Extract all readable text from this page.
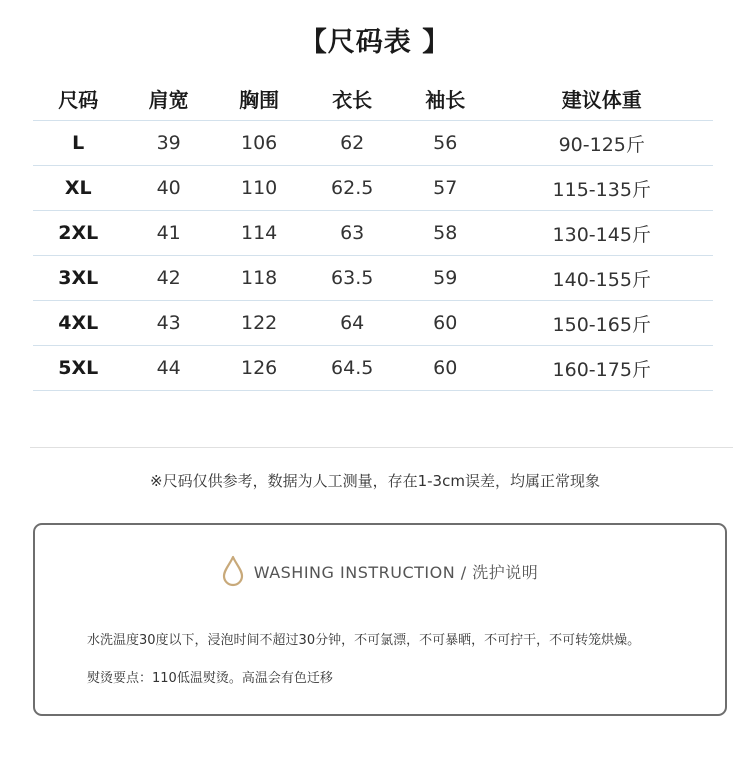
【尺码表 】
尺码	肩宽	胸围	衣长	袖长	建议体重
L	39	106	62	56	90-125斤
XL	40	110	62.5	57	115-135斤
2XL	41	114	63	58	130-145斤
3XL	42	118	63.5	59	140-155斤
4XL	43	122	64	60	150-165斤
5XL	44	126	64.5	60	160-175斤
※尺码仅供参考，数据为人工测量，存在1-3cm误差，均属正常现象
WASHING INSTRUCTION / 洗护说明
水洗温度30度以下，浸泡时间不超过30分钟，不可氯漂，不可暴晒，不可拧干，不可转笼烘燥。
熨烫要点：110低温熨烫。高温会有色迁移
